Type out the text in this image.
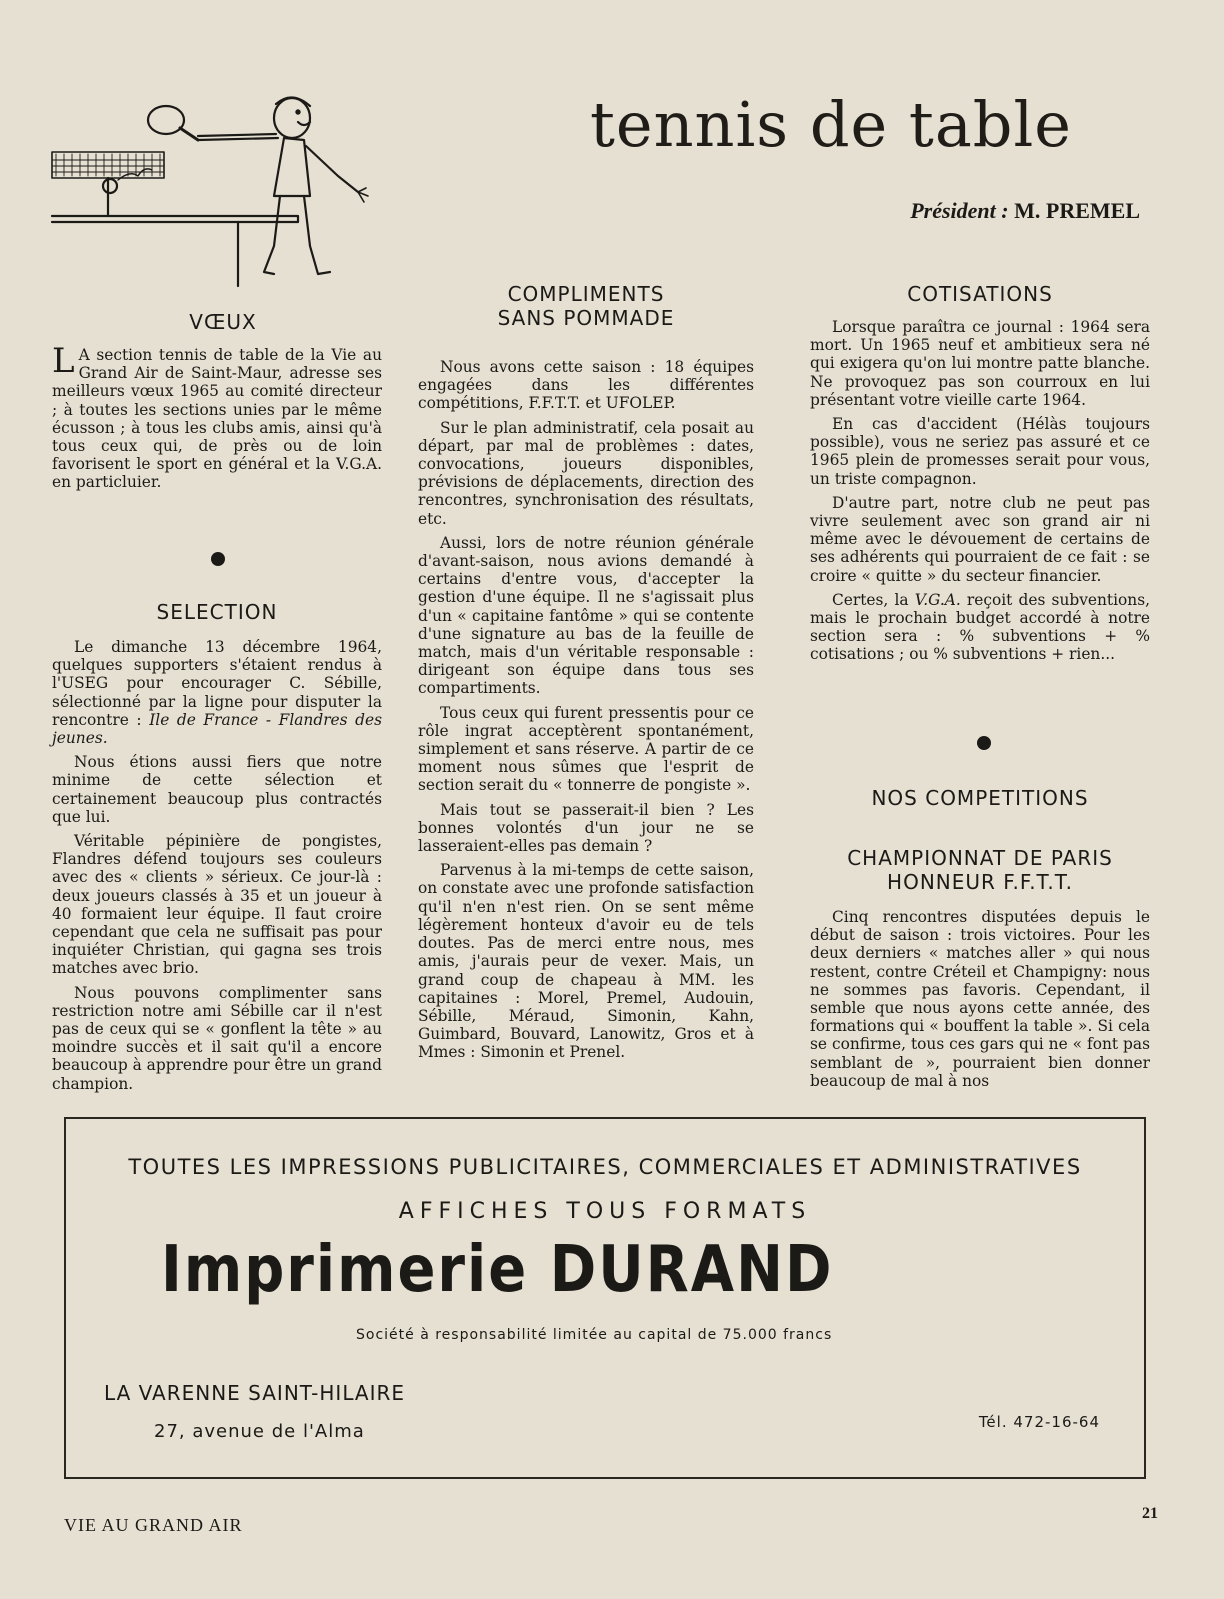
tennis de table
Président : M. PREMEL
VŒUX

L A section tennis de table de la Vie au Grand Air de Saint-Maur, adresse ses meilleurs vœux 1965 au comité directeur ; à toutes les sections unies par le même écusson ; à tous les clubs amis, ainsi qu'à tous ceux qui, de près ou de loin favorisent le sport en général et la V.G.A. en particluier.

SELECTION

Le dimanche 13 décembre 1964, quelques supporters s'étaient rendus à l'USEG pour encourager C. Sébille, sélectionné par la ligne pour disputer la rencontre : Ile de France - Flandres des jeunes.

Nous étions aussi fiers que notre minime de cette sélection et certainement beaucoup plus contractés que lui.

Véritable pépinière de pongistes, Flandres défend toujours ses couleurs avec des « clients » sérieux. Ce jour-là : deux joueurs classés à 35 et un joueur à 40 formaient leur équipe. Il faut croire cependant que cela ne suffisait pas pour inquiéter Christian, qui gagna ses trois matches avec brio.

Nous pouvons complimenter sans restriction notre ami Sébille car il n'est pas de ceux qui se « gonflent la tête » au moindre succès et il sait qu'il a encore beaucoup à apprendre pour être un grand champion.

COMPLIMENTS
SANS POMMADE

Nous avons cette saison : 18 équipes engagées dans les différentes compétitions, F.F.T.T. et UFOLEP.

Sur le plan administratif, cela posait au départ, par mal de problèmes : dates, convocations, joueurs disponibles, prévisions de déplacements, direction des rencontres, synchronisation des résultats, etc.

Aussi, lors de notre réunion générale d'avant-saison, nous avions demandé à certains d'entre vous, d'accepter la gestion d'une équipe. Il ne s'agissait plus d'un « capitaine fantôme » qui se contente d'une signature au bas de la feuille de match, mais d'un véritable responsable : dirigeant son équipe dans tous ses compartiments.

Tous ceux qui furent pressentis pour ce rôle ingrat acceptèrent spontanément, simplement et sans réserve. A partir de ce moment nous sûmes que l'esprit de section serait du « tonnerre de pongiste ».

Mais tout se passerait-il bien ? Les bonnes volontés d'un jour ne se lasseraient-elles pas demain ?

Parvenus à la mi-temps de cette saison, on constate avec une profonde satisfaction qu'il n'en n'est rien. On se sent même légèrement honteux d'avoir eu de tels doutes. Pas de merci entre nous, mes amis, j'aurais peur de vexer. Mais, un grand coup de chapeau à MM. les capitaines : Morel, Premel, Audouin, Sébille, Méraud, Simonin, Kahn, Guimbard, Bouvard, Lanowitz, Gros et à Mmes : Simonin et Prenel.

COTISATIONS

Lorsque paraîtra ce journal : 1964 sera mort. Un 1965 neuf et ambitieux sera né qui exigera qu'on lui montre patte blanche. Ne provoquez pas son courroux en lui présentant votre vieille carte 1964.

En cas d'accident (Hélàs toujours possible), vous ne seriez pas assuré et ce 1965 plein de promesses serait pour vous, un triste compagnon.

D'autre part, notre club ne peut pas vivre seulement avec son grand air ni même avec le dévouement de certains de ses adhérents qui pourraient de ce fait : se croire « quitte » du secteur financier.

Certes, la V.G.A. reçoit des subventions, mais le prochain budget accordé à notre section sera : % subventions + % cotisations ; ou % subventions + rien...

NOS COMPETITIONS
CHAMPIONNAT DE PARIS
HONNEUR F.F.T.T.

Cinq rencontres disputées depuis le début de saison : trois victoires. Pour les deux derniers « matches aller » qui nous restent, contre Créteil et Champigny: nous ne sommes pas favoris. Cependant, il semble que nous ayons cette année, des formations qui « bouffent la table ». Si cela se confirme, tous ces gars qui ne « font pas semblant de », pourraient bien donner beaucoup de mal à nos

TOUTES LES IMPRESSIONS PUBLICITAIRES, COMMERCIALES ET ADMINISTRATIVES
AFFICHES TOUS FORMATS
Imprimerie DURAND
Société à responsabilité limitée au capital de 75.000 francs
LA VARENNE SAINT-HILAIRE
27, avenue de l'Alma	Tél. 472-16-64
VIE AU GRAND AIR
21
